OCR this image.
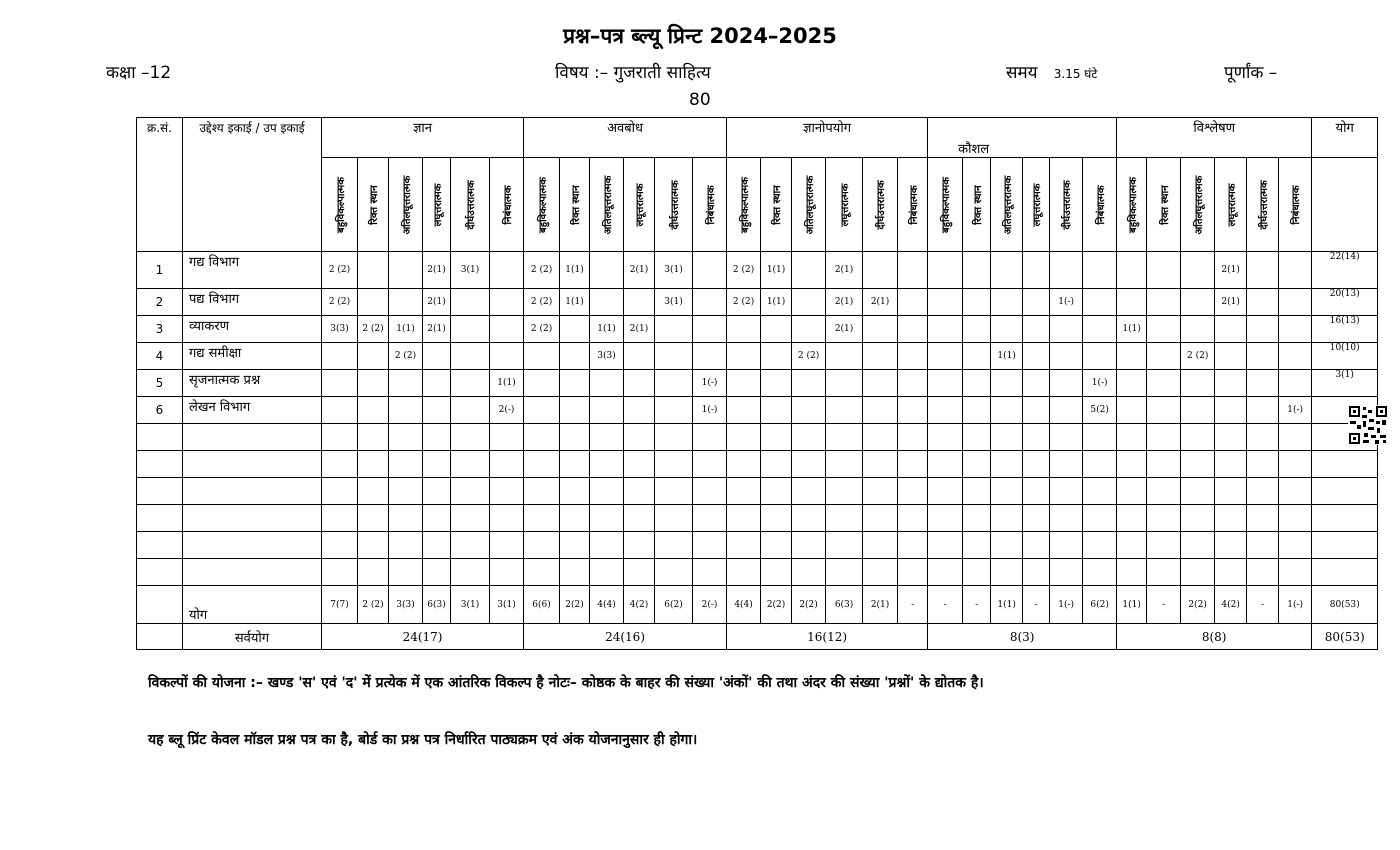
प्रश्न–पत्र ब्ल्यू प्रिन्ट 2024–2025
कक्षा –12	विषय :– गुजराती साहित्य	समय 3.15 घंटे	पूर्णांक –
80
क्र.सं.	उद्देश्य इकाई / उप इकाई	ज्ञान						अवबोध						ज्ञानोपयोग						कौशल						विश्लेषण						योग

		बहुविकल्पात्मक	रिक्त स्थान	अतिलघूत्तरात्मक	लघूत्तरात्मक	दीर्घउत्तरात्मक	निबंधात्मक	बहुविकल्पात्मक	रिक्त स्थान	अतिलघूत्तरात्मक	लघूत्तरात्मक	दीर्घउत्तरात्मक	निबंधात्मक	बहुविकल्पात्मक	रिक्त स्थान	अतिलघूत्तरात्मक	लघूत्तरात्मक	दीर्घउत्तरात्मक	निबंधात्मक	बहुविकल्पात्मक	रिक्त स्थान	अतिलघूत्तरात्मक	लघूत्तरात्मक	दीर्घउत्तरात्मक	निबंधात्मक	बहुविकल्पात्मक	रिक्त स्थान	अतिलघूत्तरात्मक	लघूत्तरात्मक	दीर्घउत्तरात्मक	निबंधात्मक	

1	गद्य विभाग	2 (2)			2(1)	3(1)		2 (2)	1(1)		2(1)	3(1)		2 (2)	1(1)		2(1)												2(1)			22(14)
2	पद्य विभाग	2 (2)			2(1)			2 (2)	1(1)			3(1)		2 (2)	1(1)		2(1)	2(1)						1(-)					2(1)			20(13)
3	व्याकरण	3(3)	2 (2)	1(1)	2(1)			2 (2)		1(1)	2(1)						2(1)									1(1)						16(13)
4	गद्य समीक्षा			2 (2)						3(3)						2 (2)						1(1)						2 (2)				10(10)
5	सृजनात्मक प्रश्न						1(1)						1(-)												1(-)							3(1)
6	लेखन विभाग						2(-)						1(-)												5(2)						1(-)	

	योग	7(7)	2 (2)	3(3)	6(3)	3(1)	3(1)	6(6)	2(2)	4(4)	4(2)	6(2)	2(-)	4(4)	2(2)	2(2)	6(3)	2(1)	-	-	-	1(1)	-	1(-)	6(2)	1(1)	-	2(2)	4(2)	-	1(-)	80(53)
	सर्वयोग	24(17)						24(16)						16(12)						8(3)						8(8)						80(53)
विकल्पों की योजना :– खण्ड 'स' एवं 'द' में प्रत्येक में एक आंतरिक विकल्प है नोटः– कोष्ठक के बाहर की संख्या 'अंकों' की तथा अंदर की संख्या 'प्रश्नों' के द्योतक है।
यह ब्लू प्रिंट केवल मॉडल प्रश्न पत्र का है, बोर्ड का प्रश्न पत्र निर्धारित पाठ्यक्रम एवं अंक योजनानुसार ही होगा।
